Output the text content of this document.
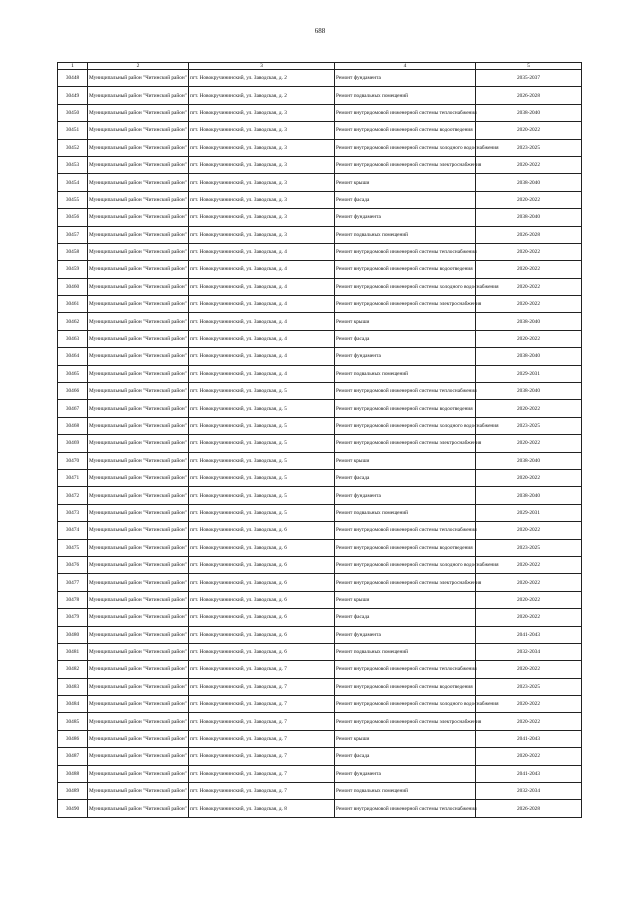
688
1	2	3	4	5
30448	Муниципальный район "Читинский район"	пгт. Новокручининский, ул. Заводская, д. 2	Ремонт фундамента	2035-2037
30449	Муниципальный район "Читинский район"	пгт. Новокручининский, ул. Заводская, д. 2	Ремонт подвальных помещений	2026-2028
30450	Муниципальный район "Читинский район"	пгт. Новокручининский, ул. Заводская, д. 3	Ремонт внутридомовой инженерной системы теплоснабжения	2038-2040
30451	Муниципальный район "Читинский район"	пгт. Новокручининский, ул. Заводская, д. 3	Ремонт внутридомовой инженерной системы водоотведения	2020-2022
30452	Муниципальный район "Читинский район"	пгт. Новокручининский, ул. Заводская, д. 3	Ремонт внутридомовой инженерной системы холодного водоснабжения	2023-2025
30453	Муниципальный район "Читинский район"	пгт. Новокручининский, ул. Заводская, д. 3	Ремонт внутридомовой инженерной системы электроснабжения	2020-2022
30454	Муниципальный район "Читинский район"	пгт. Новокручининский, ул. Заводская, д. 3	Ремонт крыши	2038-2040
30455	Муниципальный район "Читинский район"	пгт. Новокручининский, ул. Заводская, д. 3	Ремонт фасада	2020-2022
30456	Муниципальный район "Читинский район"	пгт. Новокручининский, ул. Заводская, д. 3	Ремонт фундамента	2038-2040
30457	Муниципальный район "Читинский район"	пгт. Новокручининский, ул. Заводская, д. 3	Ремонт подвальных помещений	2026-2028
30458	Муниципальный район "Читинский район"	пгт. Новокручининский, ул. Заводская, д. 4	Ремонт внутридомовой инженерной системы теплоснабжения	2020-2022
30459	Муниципальный район "Читинский район"	пгт. Новокручининский, ул. Заводская, д. 4	Ремонт внутридомовой инженерной системы водоотведения	2020-2022
30460	Муниципальный район "Читинский район"	пгт. Новокручининский, ул. Заводская, д. 4	Ремонт внутридомовой инженерной системы холодного водоснабжения	2020-2022
30461	Муниципальный район "Читинский район"	пгт. Новокручининский, ул. Заводская, д. 4	Ремонт внутридомовой инженерной системы электроснабжения	2020-2022
30462	Муниципальный район "Читинский район"	пгт. Новокручининский, ул. Заводская, д. 4	Ремонт крыши	2038-2040
30463	Муниципальный район "Читинский район"	пгт. Новокручининский, ул. Заводская, д. 4	Ремонт фасада	2020-2022
30464	Муниципальный район "Читинский район"	пгт. Новокручининский, ул. Заводская, д. 4	Ремонт фундамента	2038-2040
30465	Муниципальный район "Читинский район"	пгт. Новокручининский, ул. Заводская, д. 4	Ремонт подвальных помещений	2029-2031
30466	Муниципальный район "Читинский район"	пгт. Новокручининский, ул. Заводская, д. 5	Ремонт внутридомовой инженерной системы теплоснабжения	2038-2040
30467	Муниципальный район "Читинский район"	пгт. Новокручининский, ул. Заводская, д. 5	Ремонт внутридомовой инженерной системы водоотведения	2020-2022
30468	Муниципальный район "Читинский район"	пгт. Новокручининский, ул. Заводская, д. 5	Ремонт внутридомовой инженерной системы холодного водоснабжения	2023-2025
30469	Муниципальный район "Читинский район"	пгт. Новокручининский, ул. Заводская, д. 5	Ремонт внутридомовой инженерной системы электроснабжения	2020-2022
30470	Муниципальный район "Читинский район"	пгт. Новокручининский, ул. Заводская, д. 5	Ремонт крыши	2038-2040
30471	Муниципальный район "Читинский район"	пгт. Новокручининский, ул. Заводская, д. 5	Ремонт фасада	2020-2022
30472	Муниципальный район "Читинский район"	пгт. Новокручининский, ул. Заводская, д. 5	Ремонт фундамента	2038-2040
30473	Муниципальный район "Читинский район"	пгт. Новокручининский, ул. Заводская, д. 5	Ремонт подвальных помещений	2029-2031
30474	Муниципальный район "Читинский район"	пгт. Новокручининский, ул. Заводская, д. 6	Ремонт внутридомовой инженерной системы теплоснабжения	2020-2022
30475	Муниципальный район "Читинский район"	пгт. Новокручининский, ул. Заводская, д. 6	Ремонт внутридомовой инженерной системы водоотведения	2023-2025
30476	Муниципальный район "Читинский район"	пгт. Новокручининский, ул. Заводская, д. 6	Ремонт внутридомовой инженерной системы холодного водоснабжения	2020-2022
30477	Муниципальный район "Читинский район"	пгт. Новокручининский, ул. Заводская, д. 6	Ремонт внутридомовой инженерной системы электроснабжения	2020-2022
30478	Муниципальный район "Читинский район"	пгт. Новокручининский, ул. Заводская, д. 6	Ремонт крыши	2020-2022
30479	Муниципальный район "Читинский район"	пгт. Новокручининский, ул. Заводская, д. 6	Ремонт фасада	2020-2022
30480	Муниципальный район "Читинский район"	пгт. Новокручининский, ул. Заводская, д. 6	Ремонт фундамента	2041-2043
30481	Муниципальный район "Читинский район"	пгт. Новокручининский, ул. Заводская, д. 6	Ремонт подвальных помещений	2032-2034
30482	Муниципальный район "Читинский район"	пгт. Новокручининский, ул. Заводская, д. 7	Ремонт внутридомовой инженерной системы теплоснабжения	2020-2022
30483	Муниципальный район "Читинский район"	пгт. Новокручининский, ул. Заводская, д. 7	Ремонт внутридомовой инженерной системы водоотведения	2023-2025
30484	Муниципальный район "Читинский район"	пгт. Новокручининский, ул. Заводская, д. 7	Ремонт внутридомовой инженерной системы холодного водоснабжения	2020-2022
30485	Муниципальный район "Читинский район"	пгт. Новокручининский, ул. Заводская, д. 7	Ремонт внутридомовой инженерной системы электроснабжения	2020-2022
30486	Муниципальный район "Читинский район"	пгт. Новокручининский, ул. Заводская, д. 7	Ремонт крыши	2041-2043
30487	Муниципальный район "Читинский район"	пгт. Новокручининский, ул. Заводская, д. 7	Ремонт фасада	2020-2022
30488	Муниципальный район "Читинский район"	пгт. Новокручининский, ул. Заводская, д. 7	Ремонт фундамента	2041-2043
30489	Муниципальный район "Читинский район"	пгт. Новокручининский, ул. Заводская, д. 7	Ремонт подвальных помещений	2032-2034
30490	Муниципальный район "Читинский район"	пгт. Новокручининский, ул. Заводская, д. 8	Ремонт внутридомовой инженерной системы теплоснабжения	2026-2028
